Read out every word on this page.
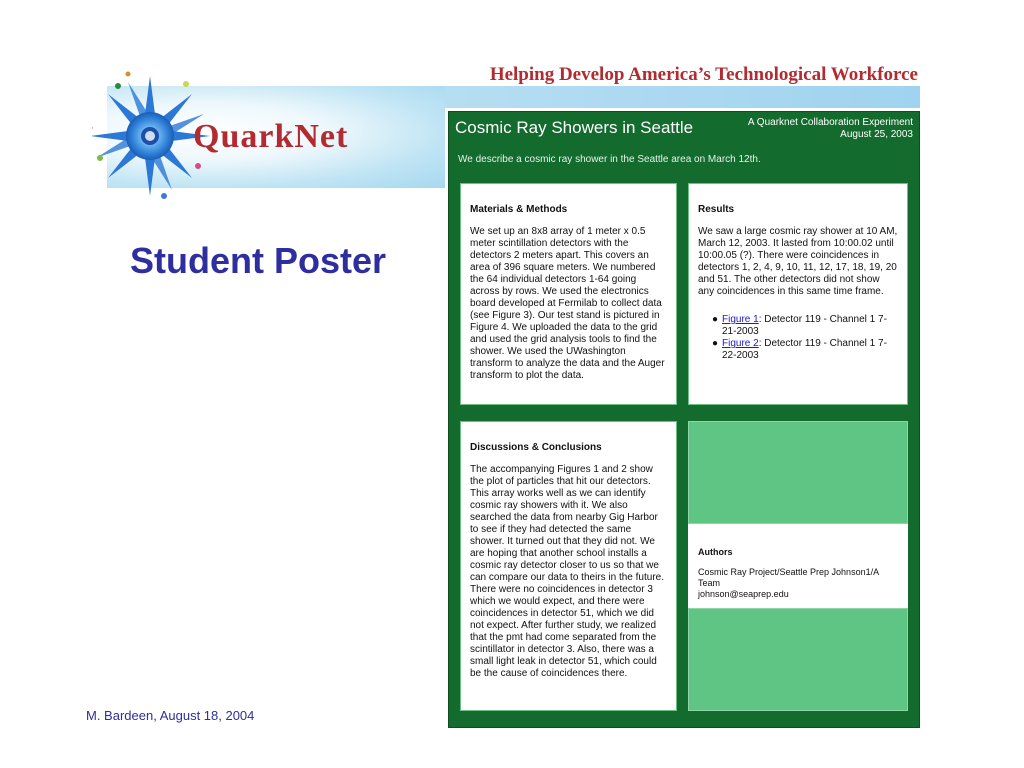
QuarkNet
Helping Develop America’s Technological Workforce
Student Poster
M. Bardeen, August 18, 2004
Cosmic Ray Showers in Seattle	A Quarknet Collaboration Experiment
August 25, 2003
We describe a cosmic ray shower in the Seattle area on March 12th.
Materials & Methods

We set up an 8x8 array of 1 meter x 0.5 meter scintillation detectors with the detectors 2 meters apart. This covers an area of 396 square meters. We numbered the 64 individual detectors 1-64 going across by rows. We used the electronics board developed at Fermilab to collect data (see Figure 3). Our test stand is pictured in Figure 4. We uploaded the data to the grid and used the grid analysis tools to find the shower. We used the UWashington transform to analyze the data and the Auger transform to plot the data.

Results

We saw a large cosmic ray shower at 10 AM, March 12, 2003. It lasted from 10:00.02 until 10:00.05 (?). There were coincidences in detectors 1, 2, 4, 9, 10, 11, 12, 17, 18, 19, 20 and 51. The other detectors did not show any coincidences in this same time frame.

● Figure 1: Detector 119 - Channel 1 7-21-2003
● Figure 2: Detector 119 - Channel 1 7-22-2003
Discussions & Conclusions

The accompanying Figures 1 and 2 show the plot of particles that hit our detectors. This array works well as we can identify cosmic ray showers with it. We also searched the data from nearby Gig Harbor to see if they had detected the same shower. It turned out that they did not. We are hoping that another school installs a cosmic ray detector closer to us so that we can compare our data to theirs in the future. There were no coincidences in detector 3 which we would expect, and there were coincidences in detector 51, which we did not expect. After further study, we realized that the pmt had come separated from the scintillator in detector 3. Also, there was a small light leak in detector 51, which could be the cause of coincidences there.

Authors
Cosmic Ray Project/Seattle Prep Johnson1/A Team
johnson@seaprep.edu
